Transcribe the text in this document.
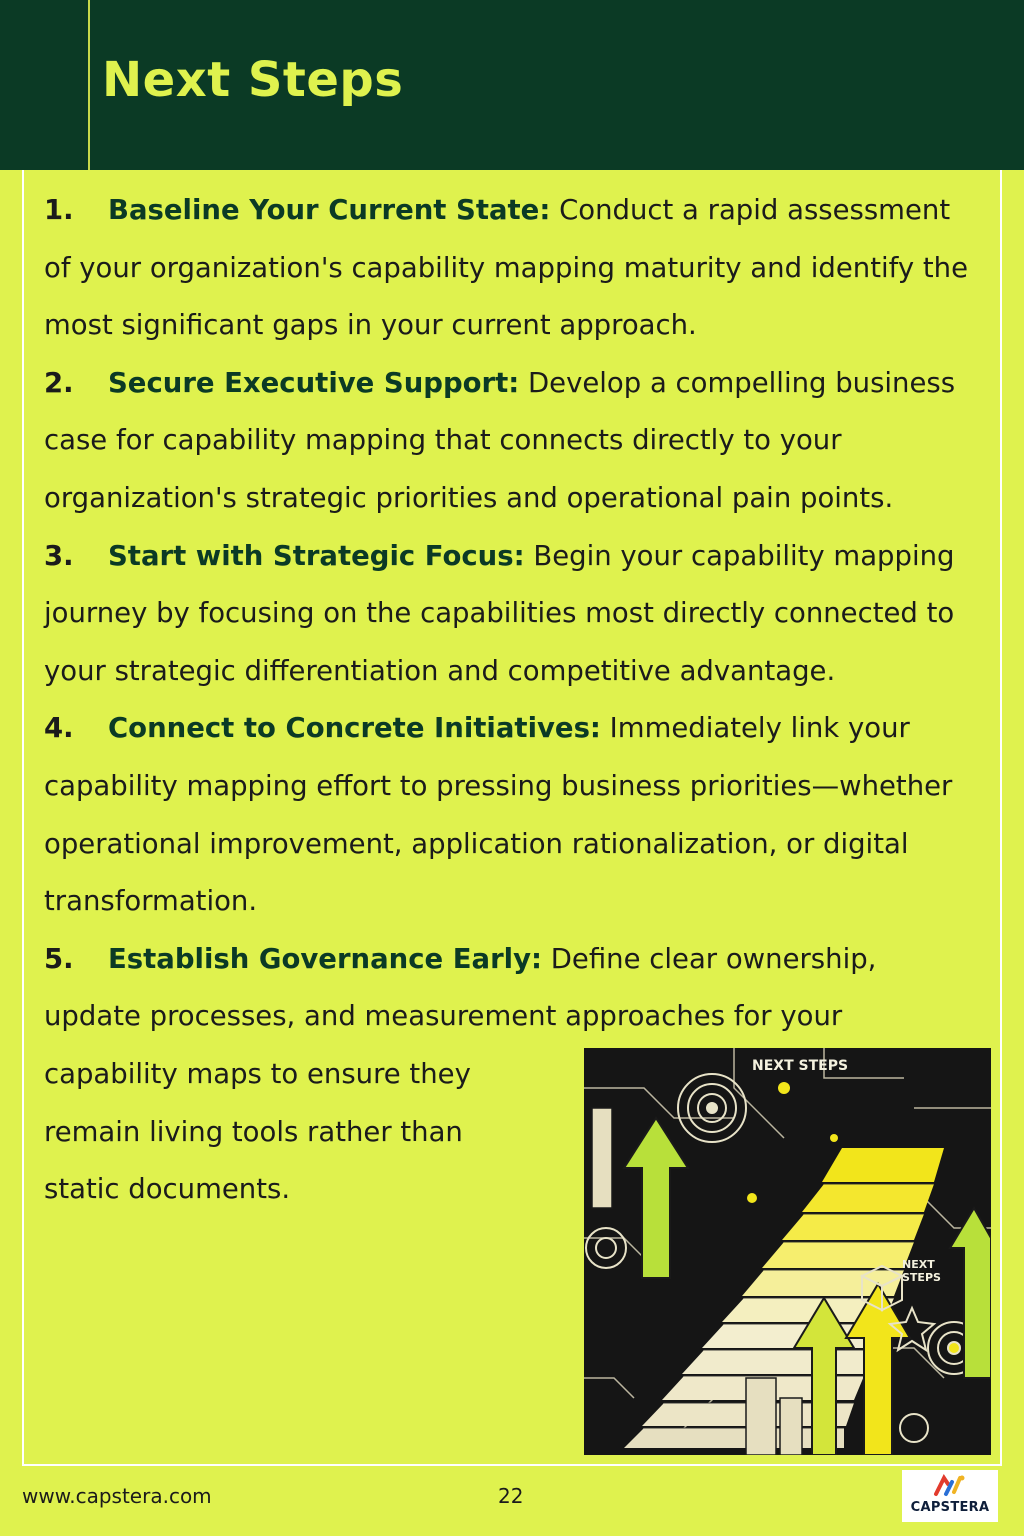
Next Steps
1. Baseline Your Current State: Conduct a rapid assessment of your organization's capability mapping maturity and identify the most significant gaps in your current approach.
2. Secure Executive Support: Develop a compelling business case for capability mapping that connects directly to your organization's strategic priorities and operational pain points.
3. Start with Strategic Focus: Begin your capability mapping journey by focusing on the capabilities most directly connected to your strategic differentiation and competitive advantage.
4. Connect to Concrete Initiatives: Immediately link your capability mapping effort to pressing business priorities—whether operational improvement, application rationalization, or digital transformation.
5. Establish Governance Early: Define clear ownership, update processes, and measurement approaches for your
capability maps to ensure they remain living tools rather than static documents.
NEXT STEPS
NEXT
STEPS
www.capstera.com	22	CAPSTERA
